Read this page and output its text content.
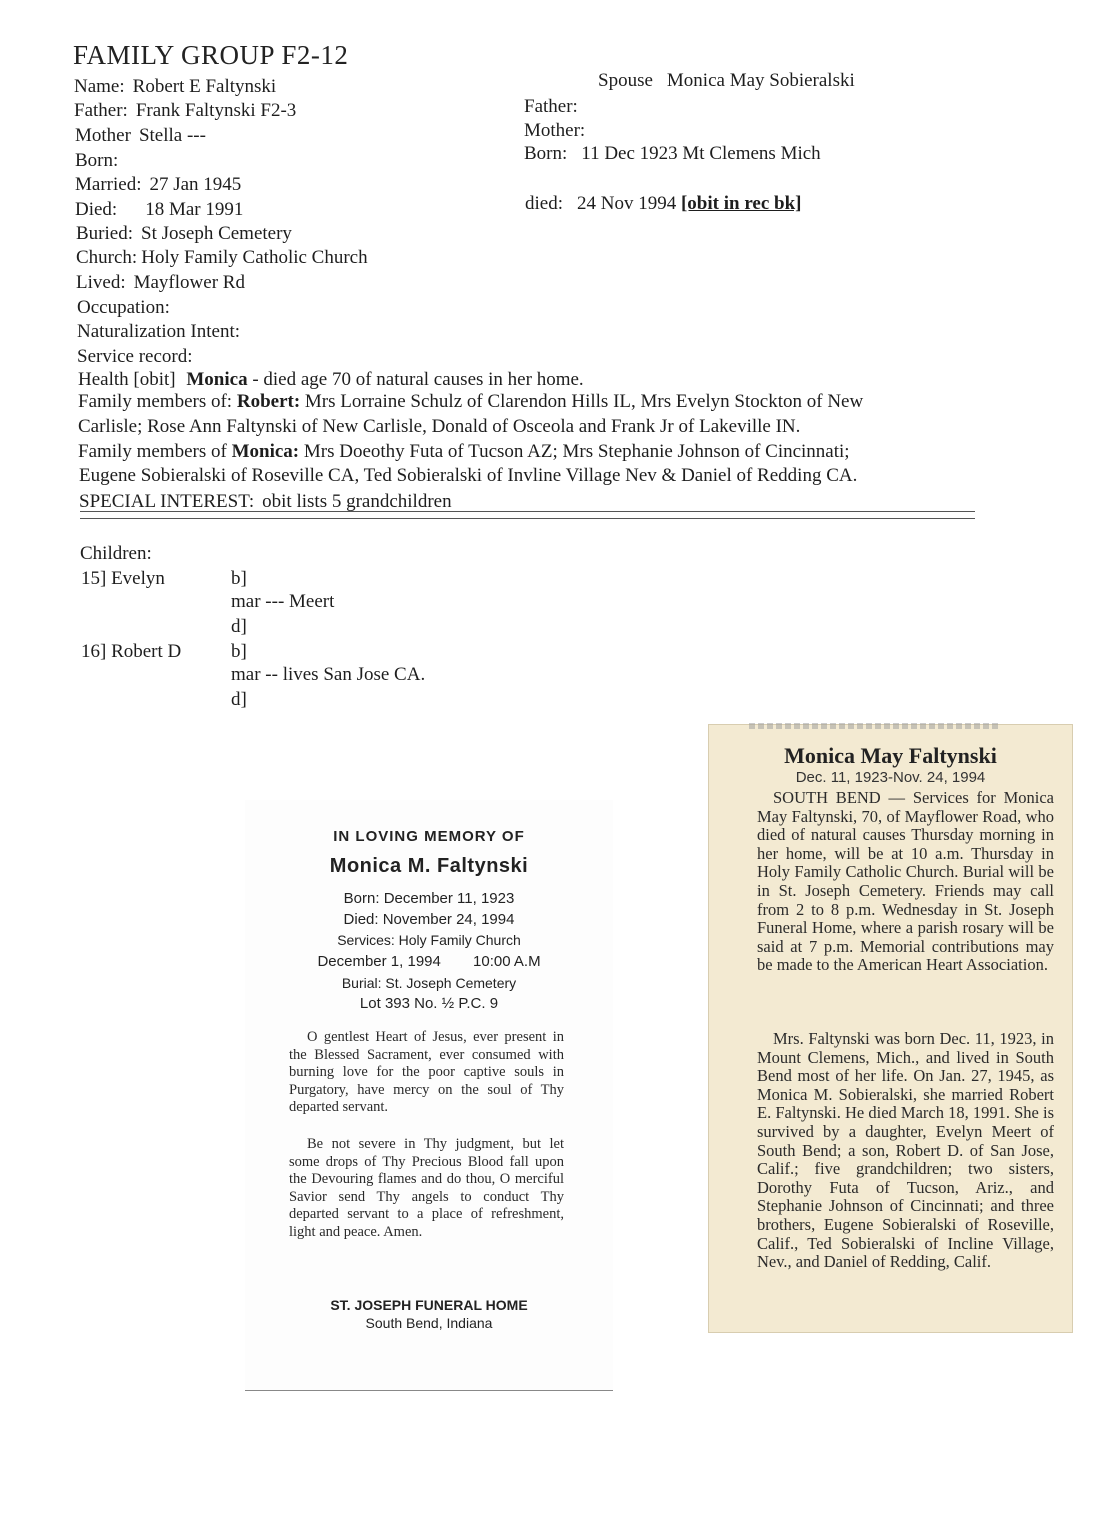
FAMILY GROUP F2-12
Name: Robert E Faltynski
Father: Frank Faltynski F2-3
Mother Stella ---
Born:
Married: 27 Jan 1945
Died: 18 Mar 1991
Buried: St Joseph Cemetery
Church: Holy Family Catholic Church
Lived: Mayflower Rd
Occupation:
Naturalization Intent:
Service record:
Spouse Monica May Sobieralski
Father:
Mother:
Born: 11 Dec 1923 Mt Clemens Mich
died: 24 Nov 1994 [obit in rec bk]
Health [obit] Monica - died age 70 of natural causes in her home.
Family members of: Robert: Mrs Lorraine Schulz of Clarendon Hills IL, Mrs Evelyn Stockton of New
Carlisle; Rose Ann Faltynski of New Carlisle, Donald of Osceola and Frank Jr of Lakeville IN.
Family members of Monica: Mrs Doeothy Futa of Tucson AZ; Mrs Stephanie Johnson of Cincinnati;
Eugene Sobieralski of Roseville CA, Ted Sobieralski of Invline Village Nev & Daniel of Redding CA.
SPECIAL INTEREST: obit lists 5 grandchildren
Children:
15] Evelyn	b]
mar --- Meert
d]
16] Robert D	b]
mar -- lives San Jose CA.
d]
IN LOVING MEMORY OF
Monica M. Faltynski
Born: December 11, 1923
Died: November 24, 1994
Services: Holy Family Church
December 1, 1994 10:00 A.M
Burial: St. Joseph Cemetery
Lot 393 No. ½ P.C. 9
O gentlest Heart of Jesus, ever present in the Blessed Sacrament, ever consumed with burning love for the poor captive souls in Purgatory, have mercy on the soul of Thy departed servant.
Be not severe in Thy judgment, but let some drops of Thy Precious Blood fall upon the Devouring flames and do thou, O merciful Savior send Thy angels to conduct Thy departed servant to a place of refreshment, light and peace. Amen.
ST. JOSEPH FUNERAL HOME
South Bend, Indiana
Monica May Faltynski
Dec. 11, 1923-Nov. 24, 1994
SOUTH BEND — Services for Monica May Faltynski, 70, of Mayflower Road, who died of natural causes Thursday morning in her home, will be at 10 a.m. Thursday in Holy Family Catholic Church. Burial will be in St. Joseph Cemetery. Friends may call from 2 to 8 p.m. Wednesday in St. Joseph Funeral Home, where a parish rosary will be said at 7 p.m. Memorial contributions may be made to the American Heart Association.
Mrs. Faltynski was born Dec. 11, 1923, in Mount Clemens, Mich., and lived in South Bend most of her life. On Jan. 27, 1945, as Monica M. Sobieralski, she married Robert E. Faltynski. He died March 18, 1991. She is survived by a daughter, Evelyn Meert of South Bend; a son, Robert D. of San Jose, Calif.; five grandchildren; two sisters, Dorothy Futa of Tucson, Ariz., and Stephanie Johnson of Cincinnati; and three brothers, Eugene Sobieralski of Roseville, Calif., Ted Sobieralski of Incline Village, Nev., and Daniel of Redding, Calif.
